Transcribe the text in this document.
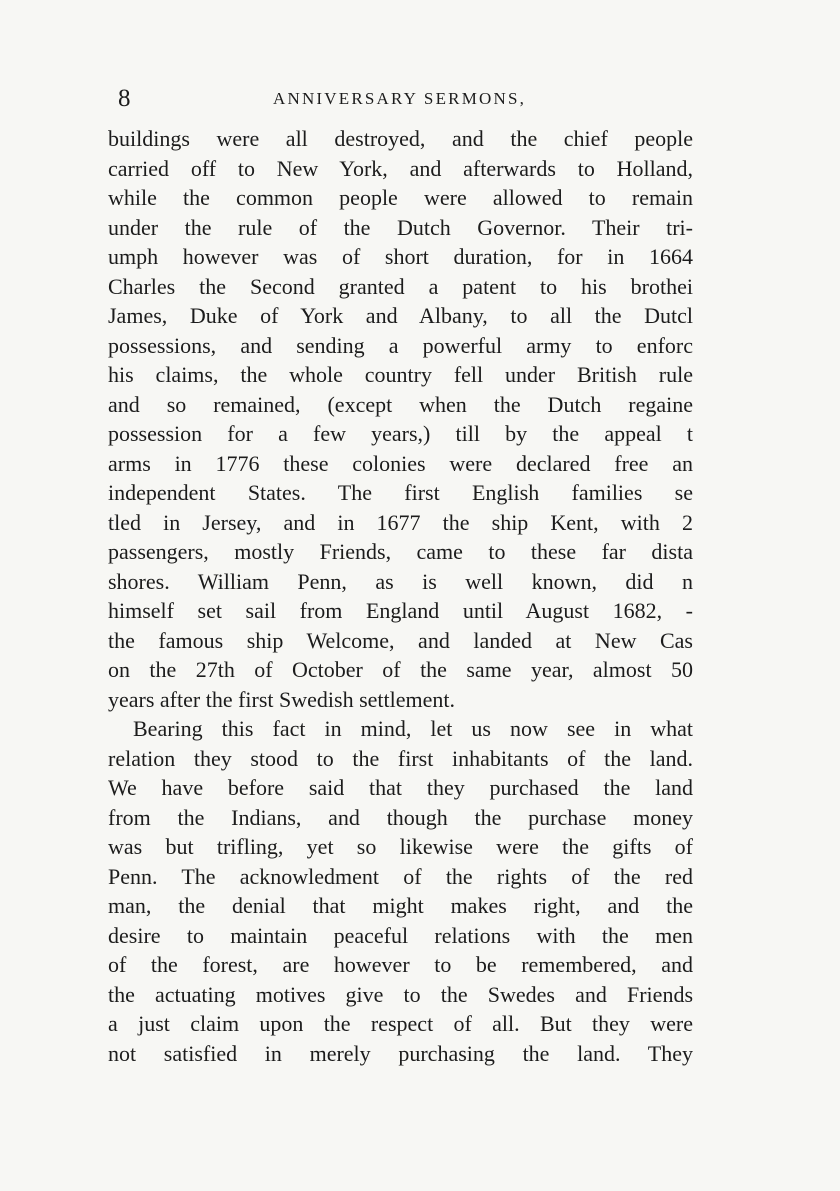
8	ANNIVERSARY SERMONS,
buildings were all destroyed, and the chief people
carried off to New York, and afterwards to Holland,
while the common people were allowed to remain
under the rule of the Dutch Governor. Their tri-
umph however was of short duration, for in 1664
Charles the Second granted a patent to his brothei
James, Duke of York and Albany, to all the Dutcl
possessions, and sending a powerful army to enforc
his claims, the whole country fell under British rule
and so remained, (except when the Dutch regaine
possession for a few years,) till by the appeal t
arms in 1776 these colonies were declared free an
independent States. The first English families se
tled in Jersey, and in 1677 the ship Kent, with 2
passengers, mostly Friends, came to these far dista
shores. William Penn, as is well known, did n
himself set sail from England until August 1682, -
the famous ship Welcome, and landed at New Cas
on the 27th of October of the same year, almost 50
years after the first Swedish settlement.
Bearing this fact in mind, let us now see in what
relation they stood to the first inhabitants of the land.
We have before said that they purchased the land
from the Indians, and though the purchase money
was but trifling, yet so likewise were the gifts of
Penn. The acknowledment of the rights of the red
man, the denial that might makes right, and the
desire to maintain peaceful relations with the men
of the forest, are however to be remembered, and
the actuating motives give to the Swedes and Friends
a just claim upon the respect of all. But they were
not satisfied in merely purchasing the land. They
